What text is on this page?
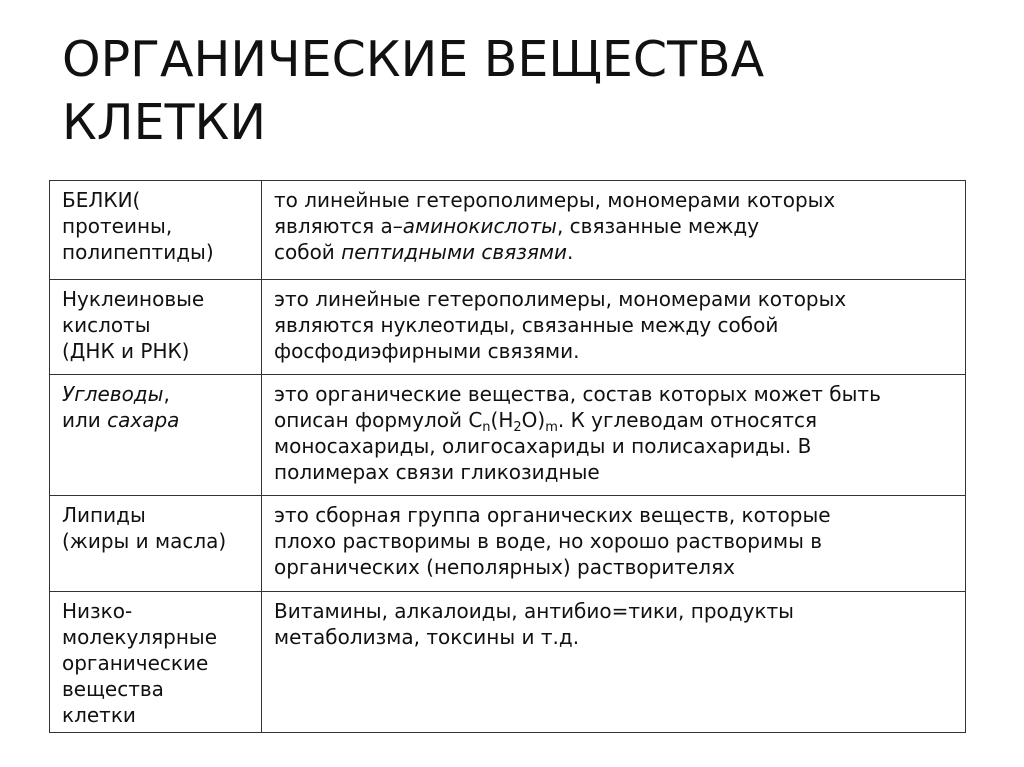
ОРГАНИЧЕСКИЕ ВЕЩЕСТВА
КЛЕТКИ
БЕЛКИ(
протеины,
полипептиды)	то линейные гетерополимеры, мономерами которых
являются a–аминокислоты, связанные между
собой пептидными связями.

Нуклеиновые
кислоты
(ДНК и РНК)	это линейные гетерополимеры, мономерами которых
являются нуклеотиды, связанные между собой
фосфодиэфирными связями.

Углеводы,
или сахара	это органические вещества, состав которых может быть
описан формулой $C_n(H_2O)_m$. К углеводам относятся
моносахариды, олигосахариды и полисахариды. В
полимерах связи гликозидные

Липиды
(жиры и масла)	это сборная группа органических веществ, которые
плохо растворимы в воде, но хорошо растворимы в
органических (неполярных) растворителях

Низко-
молекулярные
органические
вещества
клетки	Витамины, алкалоиды, антибио=тики, продукты
метаболизма, токсины и т.д.
